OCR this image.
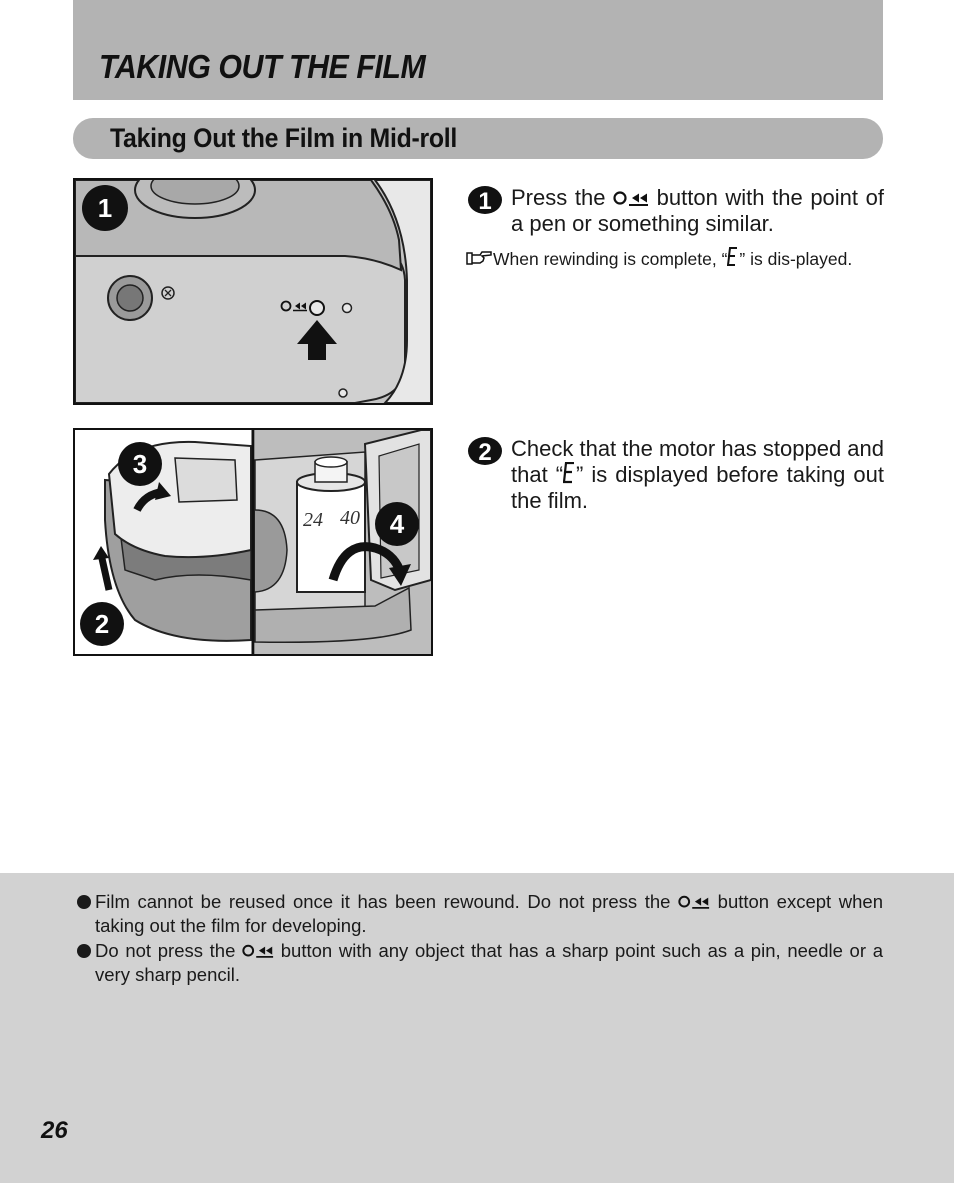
TAKING OUT THE FILM
Taking Out the Film in Mid-roll
1
24 40
3
4
2
1 Press the  button with the point of a pen or something similar.
When rewinding is complete, “ ” is dis-played.
2 Check that the motor has stopped and that “ ” is displayed before taking out the film.
Film cannot be reused once it has been rewound. Do not press the  button except when taking out the film for developing.
Do not press the  button with any object that has a sharp point such as a pin, needle or a very sharp pencil.

26
